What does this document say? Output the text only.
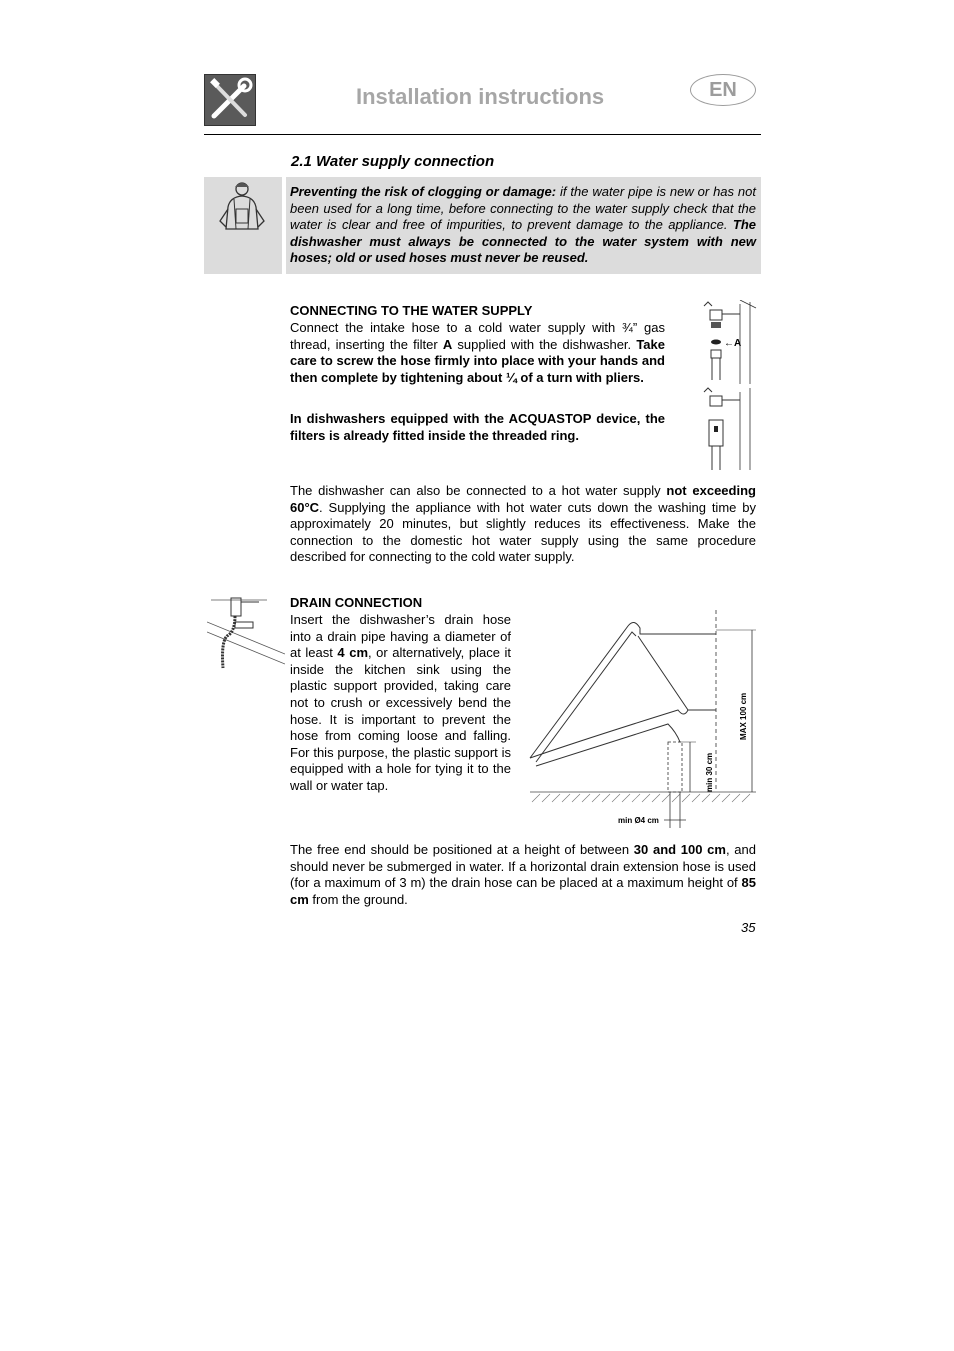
Installation instructions	EN
2.1 Water supply connection
Preventing the risk of clogging or damage: if the water pipe is new or has not been used for a long time, before connecting to the water supply check that the water is clear and free of impurities, to prevent damage to the appliance. The dishwasher must always be connected to the water system with new hoses; old or used hoses must never be reused.
CONNECTING TO THE WATER SUPPLY
Connect the intake hose to a cold water supply with ¾” gas thread, inserting the filter A supplied with the dishwasher. Take care to screw the hose firmly into place with your hands and then complete by tightening about ¼ of a turn with pliers.
In dishwashers equipped with the ACQUASTOP device, the filters is already fitted inside the threaded ring.
←A
The dishwasher can also be connected to a hot water supply not exceeding 60°C. Supplying the appliance with hot water cuts down the washing time by approximately 20 minutes, but slightly reduces its effectiveness. Make the connection to the domestic hot water supply using the same procedure described for connecting to the cold water supply.
DRAIN CONNECTION
Insert the dishwasher’s drain hose into a drain pipe having a diameter of at least 4 cm, or alternatively, place it inside the kitchen sink using the plastic support provided, taking care not to crush or excessively bend the hose. It is important to prevent the hose from coming loose and falling. For this purpose, the plastic support is equipped with a hole for tying it to the wall or water tap.
MAX 100 cm
min 30 cm
min Ø4 cm
The free end should be positioned at a height of between 30 and 100 cm, and should never be submerged in water. If a horizontal drain extension hose is used (for a maximum of 3 m) the drain hose can be placed at a maximum height of 85 cm from the ground.
35
